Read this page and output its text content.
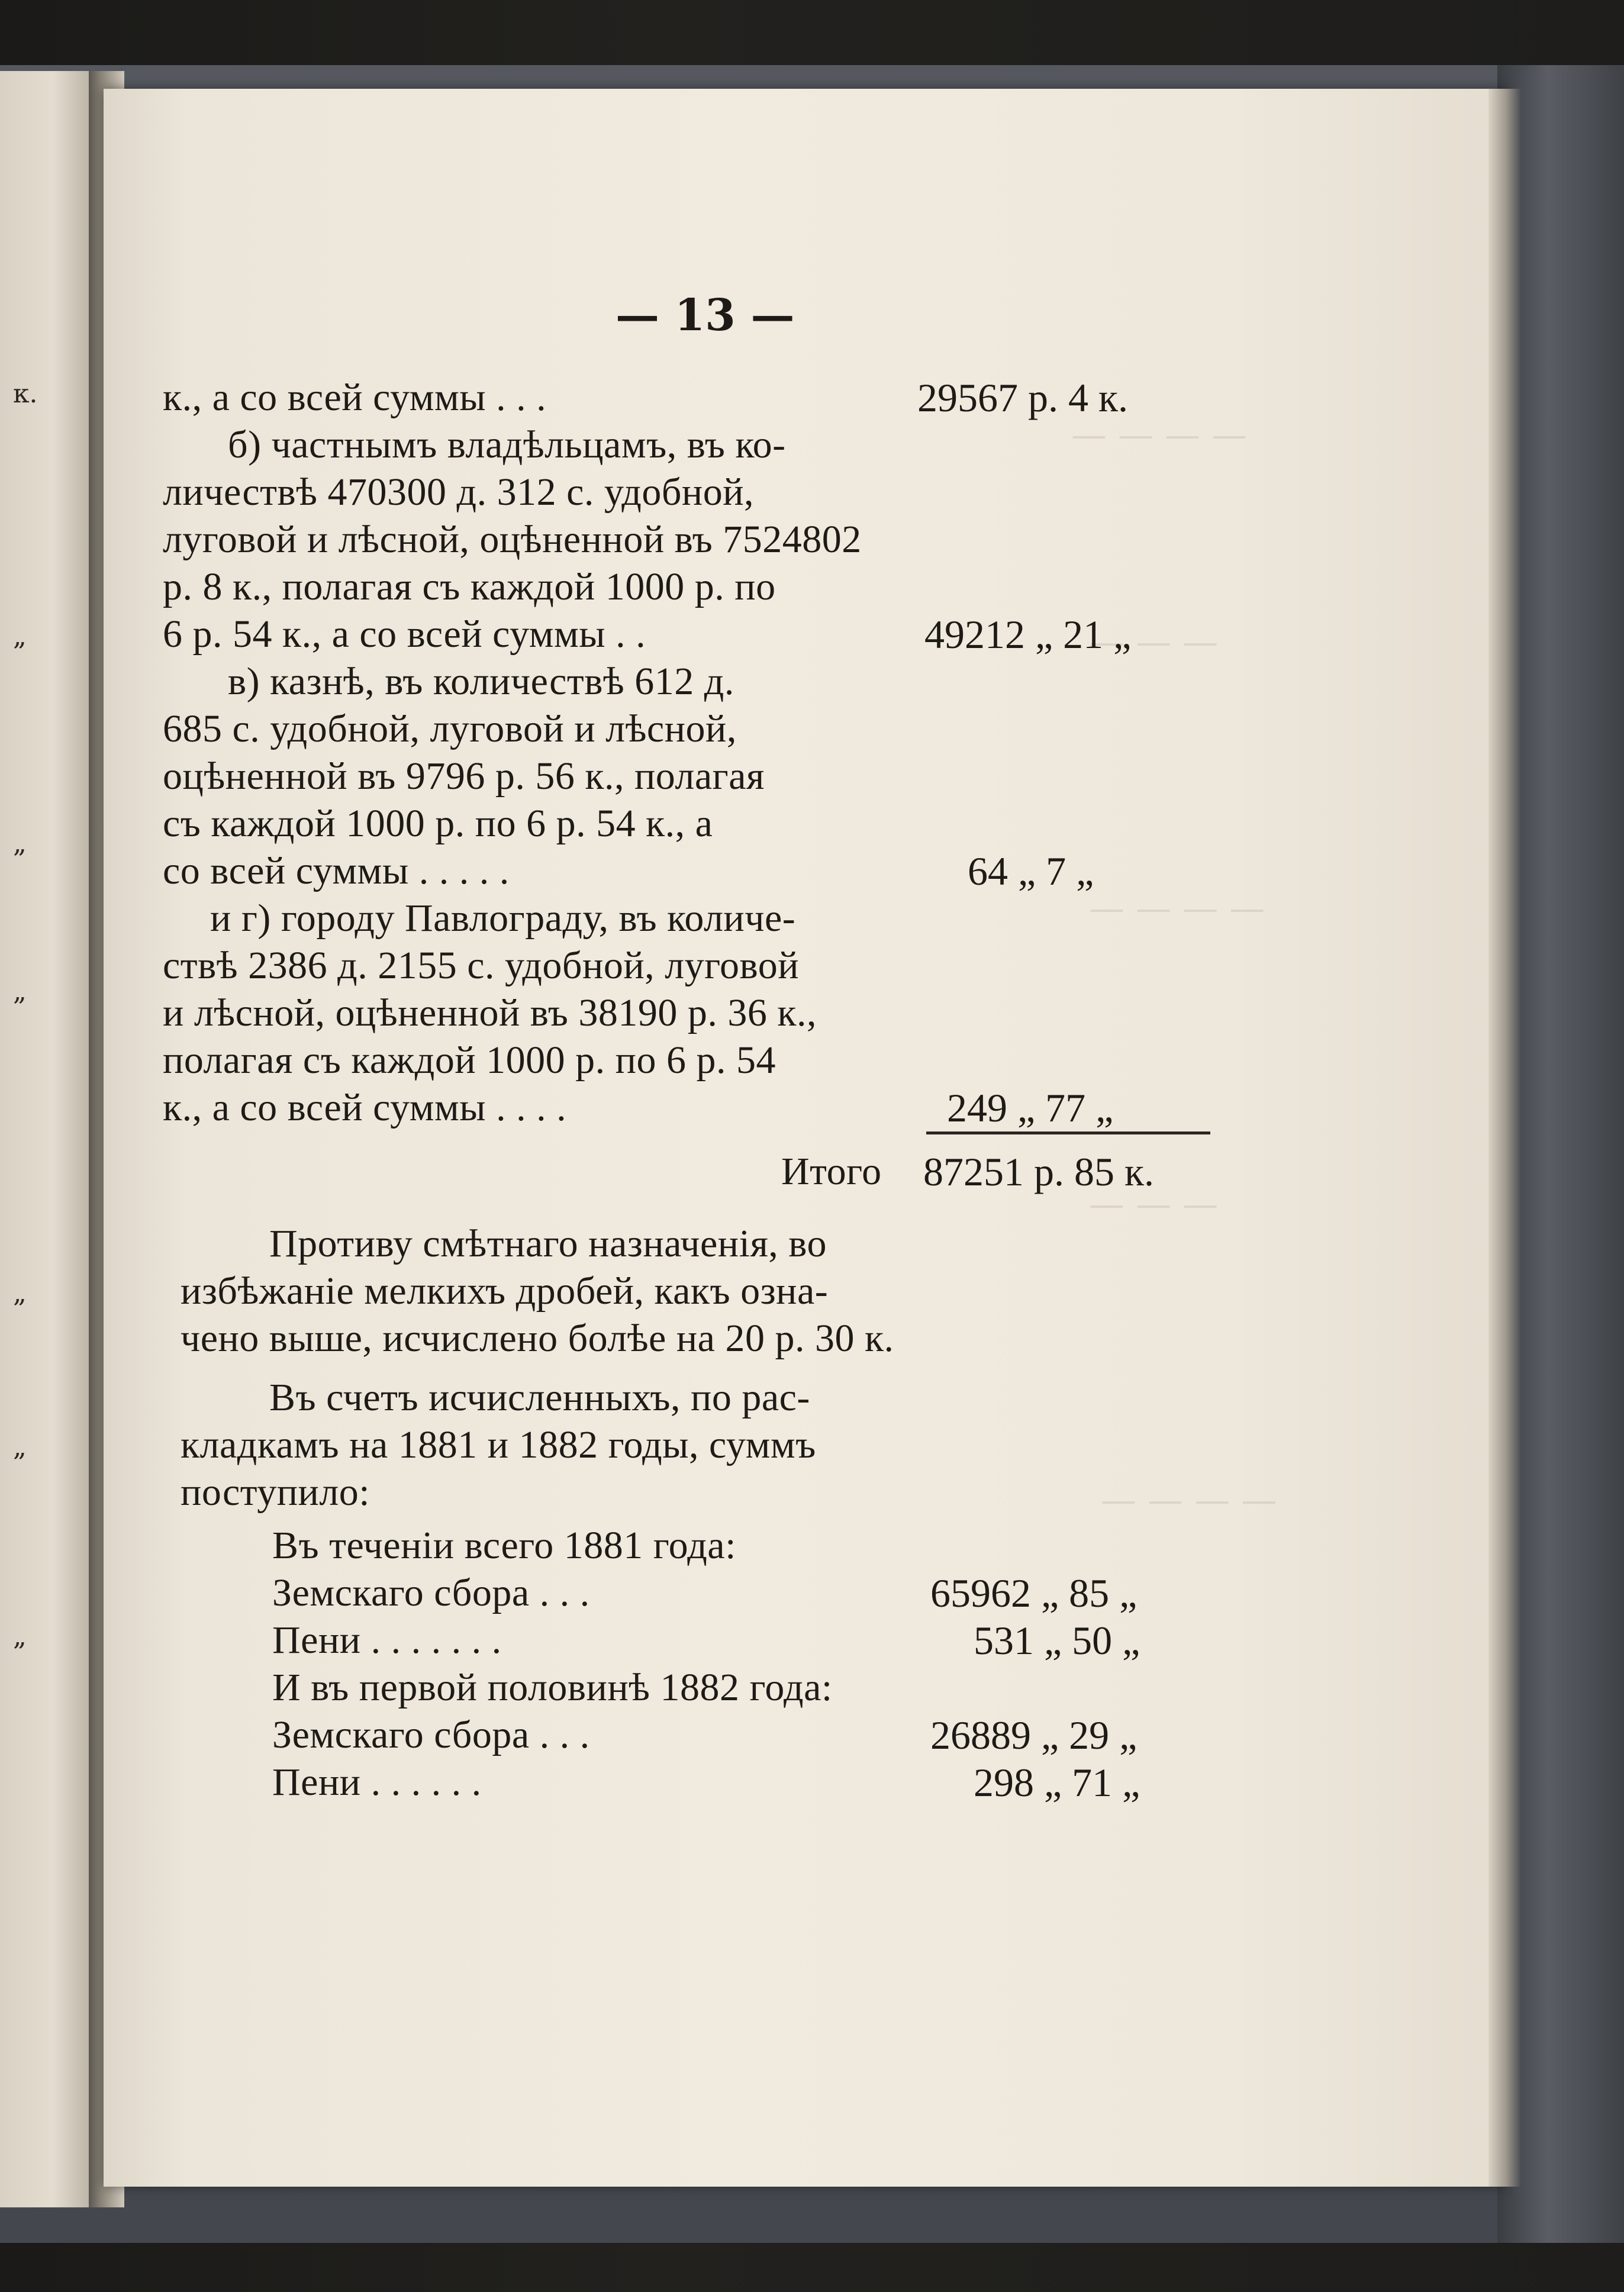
к.
„
„
„
„
„
„
— — — —
— — —
— — — —
— — —
— — — —
— 13 —
к., а со всей суммы . . .	29567 р. 4 к.
б) частнымъ владѣльцамъ, въ ко-
личествѣ 470300 д. 312 с. удобной,
луговой и лѣсной, оцѣненной въ 7524802
р. 8 к., полагая съ каждой 1000 р. по
6 р. 54 к., а со всей суммы . .	49212 „ 21 „
в) казнѣ, въ количествѣ 612 д.
685 с. удобной, луговой и лѣсной,
оцѣненной въ 9796 р. 56 к., полагая
съ каждой 1000 р. по 6 р. 54 к., а
со всей суммы . . . . .	64 „ 7 „
и г) городу Павлограду, въ количе-
ствѣ 2386 д. 2155 с. удобной, луговой
и лѣсной, оцѣненной въ 38190 р. 36 к.,
полагая съ каждой 1000 р. по 6 р. 54
к., а со всей суммы . . . .	249 „ 77 „
Итого 87251 р. 85 к.
Противу смѣтнаго назначенія, во
избѣжаніе мелкихъ дробей, какъ озна-
чено выше, исчислено болѣе на 20 р. 30 к.
Въ счетъ исчисленныхъ, по рас-
кладкамъ на 1881 и 1882 годы, суммъ
поступило:
Въ теченіи всего 1881 года:
Земскаго сбора . . .	65962 „ 85 „
Пени . . . . . . .	531 „ 50 „
И въ первой половинѣ 1882 года:
Земскаго сбора . . .	26889 „ 29 „
Пени . . . . . .	298 „ 71 „
